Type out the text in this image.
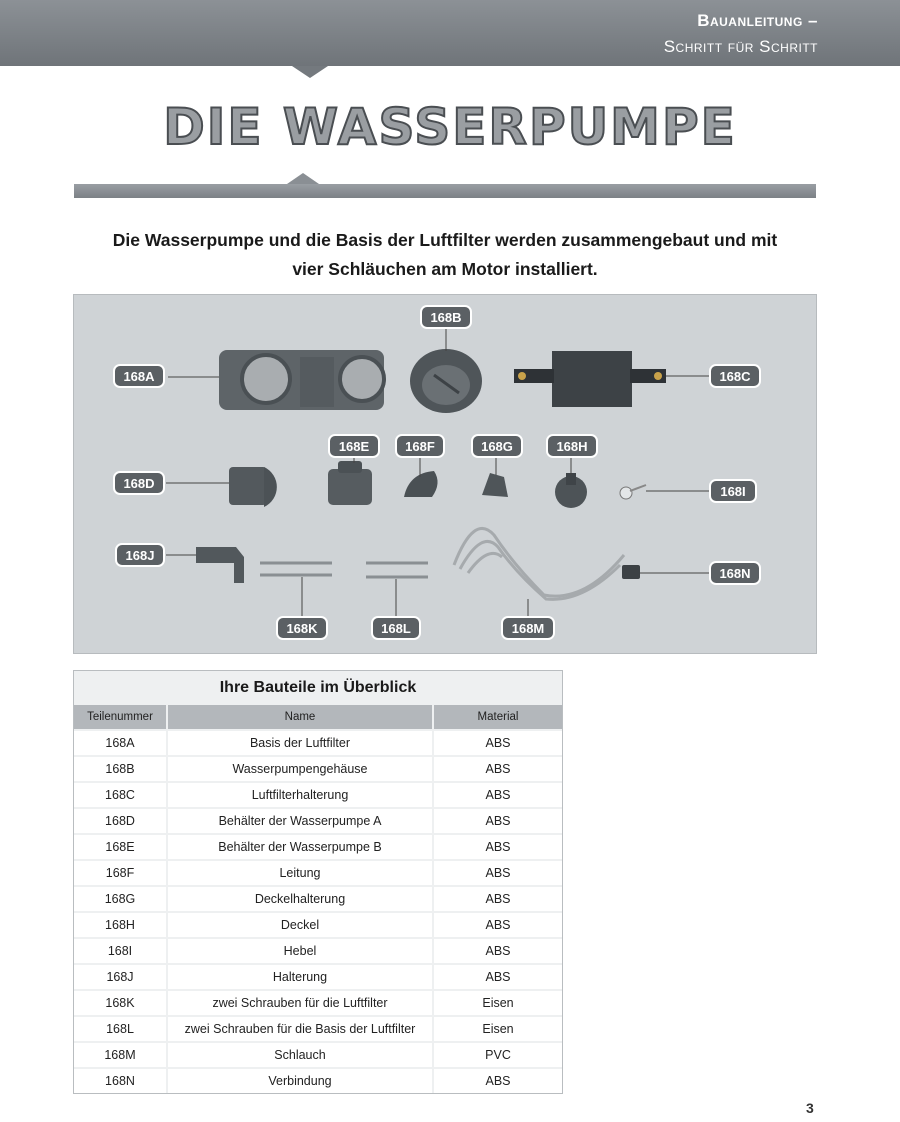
Bauanleitung –
Schritt für Schritt
DIE WASSERPUMPE
Die Wasserpumpe und die Basis der Luftfilter werden zusammengebaut und mit
vier Schläuchen am Motor installiert.
168A
168B
168C
168D
168E	168F	168G	168H
168I
168J
168K	168L	168M
168N
Ihre Bauteile im Überblick
Teilenummer	Name	Material
168A	Basis der Luftfilter	ABS
168B	Wasserpumpengehäuse	ABS
168C	Luftfilterhalterung	ABS
168D	Behälter der Wasserpumpe A	ABS
168E	Behälter der Wasserpumpe B	ABS
168F	Leitung	ABS
168G	Deckelhalterung	ABS
168H	Deckel	ABS
168I	Hebel	ABS
168J	Halterung	ABS
168K	zwei Schrauben für die Luftfilter	Eisen
168L	zwei Schrauben für die Basis der Luftfilter	Eisen
168M	Schlauch	PVC
168N	Verbindung	ABS
3
